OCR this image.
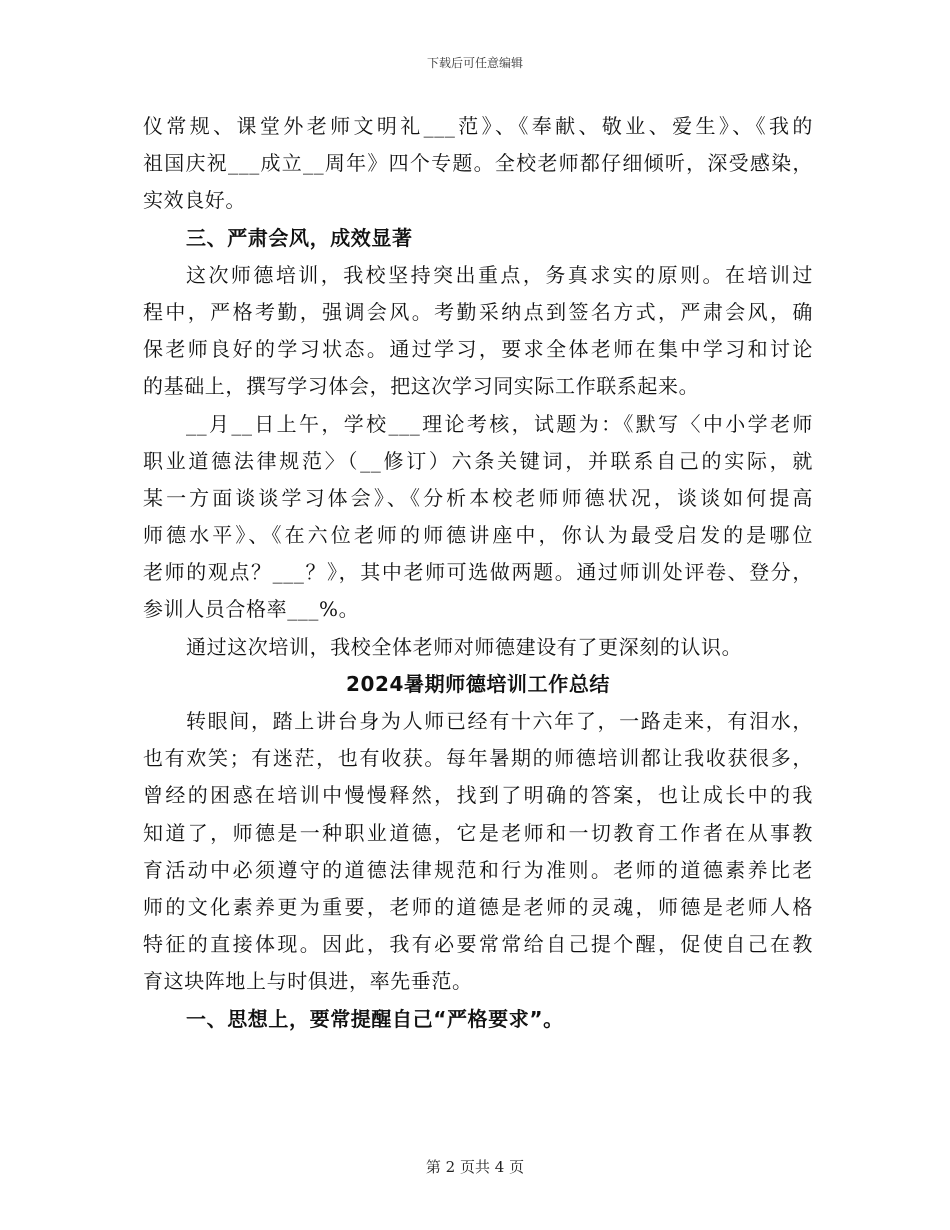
下载后可任意编辑
仪常规、课堂外老师文明礼___范》、《奉献、敬业、爱生》、《我的
祖国庆祝___成立__周年》四个专题。全校老师都仔细倾听，深受感染，
实效良好。
三、严肃会风，成效显著
这次师德培训，我校坚持突出重点，务真求实的原则。在培训过
程中，严格考勤，强调会风。考勤采纳点到签名方式，严肃会风，确
保老师良好的学习状态。通过学习，要求全体老师在集中学习和讨论
的基础上，撰写学习体会，把这次学习同实际工作联系起来。
__月__日上午，学校___理论考核，试题为：《默写〈中小学老师
职业道德法律规范〉（__修订）六条关键词，并联系自己的实际，就
某一方面谈谈学习体会》、《分析本校老师师德状况，谈谈如何提高
师德水平》、《在六位老师的师德讲座中，你认为最受启发的是哪位
老师的观点？___？》，其中老师可选做两题。通过师训处评卷、登分，
参训人员合格率___%。
通过这次培训，我校全体老师对师德建设有了更深刻的认识。
2024暑期师德培训工作总结
转眼间，踏上讲台身为人师已经有十六年了，一路走来，有泪水，
也有欢笑；有迷茫，也有收获。每年暑期的师德培训都让我收获很多，
曾经的困惑在培训中慢慢释然，找到了明确的答案，也让成长中的我
知道了，师德是一种职业道德，它是老师和一切教育工作者在从事教
育活动中必须遵守的道德法律规范和行为准则。老师的道德素养比老
师的文化素养更为重要，老师的道德是老师的灵魂，师德是老师人格
特征的直接体现。因此，我有必要常常给自己提个醒，促使自己在教
育这块阵地上与时俱进，率先垂范。
一、思想上，要常提醒自己“严格要求”。
第 2 页共 4 页
